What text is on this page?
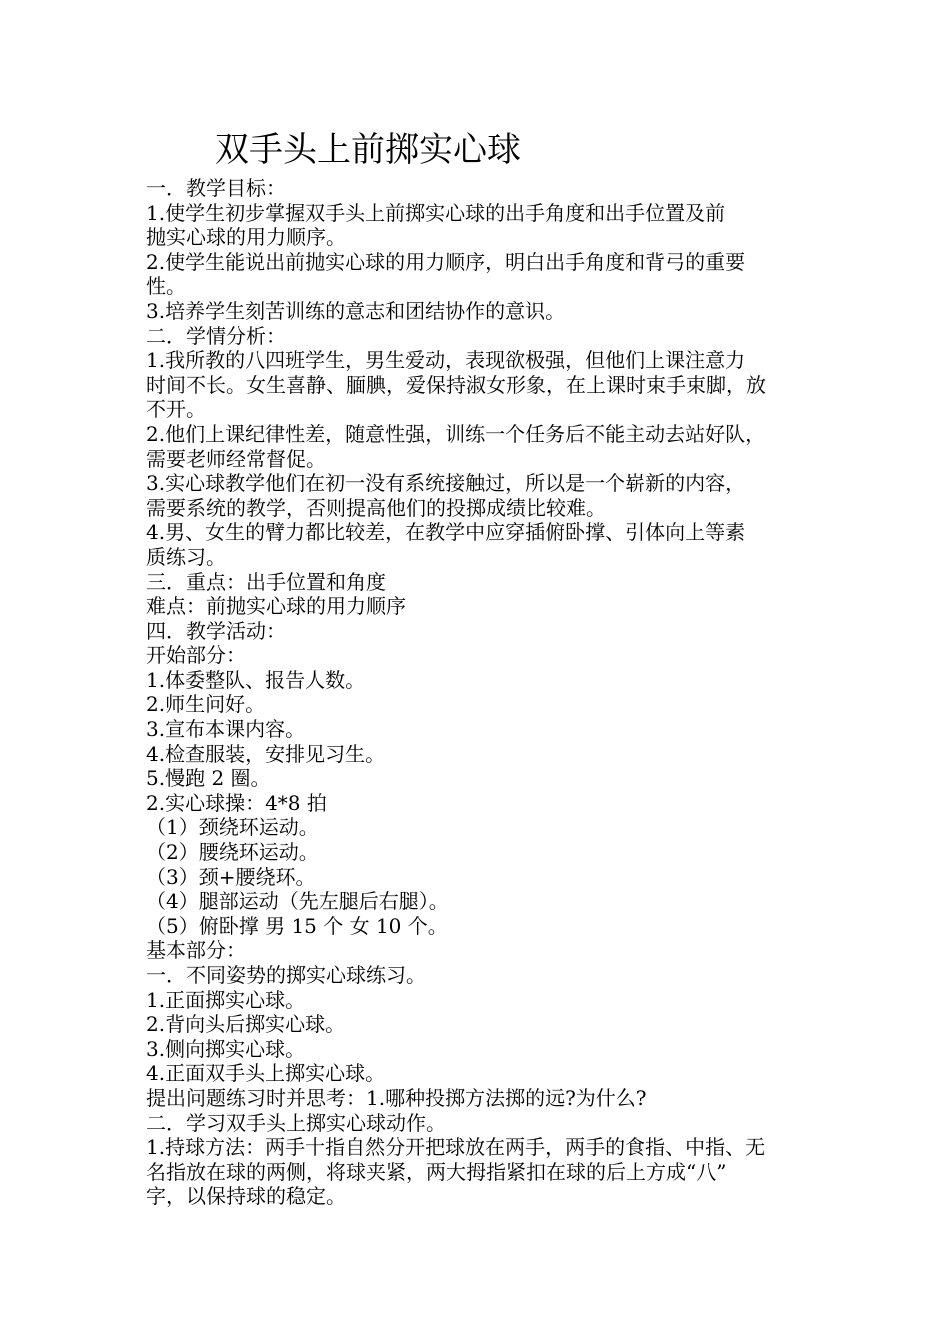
双手头上前掷实心球
一．教学目标：
1.使学生初步掌握双手头上前掷实心球的出手角度和出手位置及前
抛实心球的用力顺序。
2.使学生能说出前抛实心球的用力顺序，明白出手角度和背弓的重要
性。
3.培养学生刻苦训练的意志和团结协作的意识。
二．学情分析：
1.我所教的八四班学生，男生爱动，表现欲极强，但他们上课注意力
时间不长。女生喜静、腼腆，爱保持淑女形象，在上课时束手束脚，放
不开。
2.他们上课纪律性差，随意性强，训练一个任务后不能主动去站好队，
需要老师经常督促。
3.实心球教学他们在初一没有系统接触过，所以是一个崭新的内容，
需要系统的教学，否则提高他们的投掷成绩比较难。
4.男、女生的臂力都比较差，在教学中应穿插俯卧撑、引体向上等素
质练习。
三．重点：出手位置和角度
难点：前抛实心球的用力顺序
四．教学活动：
开始部分：
1.体委整队、报告人数。
2.师生问好。
3.宣布本课内容。
4.检查服装，安排见习生。
5.慢跑 2 圈。
2.实心球操：4*8 拍
（1）颈绕环运动。
（2）腰绕环运动。
（3）颈+腰绕环。
（4）腿部运动（先左腿后右腿）。
（5）俯卧撑 男 15 个 女 10 个。
基本部分：
一．不同姿势的掷实心球练习。
1.正面掷实心球。
2.背向头后掷实心球。
3.侧向掷实心球。
4.正面双手头上掷实心球。
提出问题练习时并思考：1.哪种投掷方法掷的远?为什么?
二．学习双手头上掷实心球动作。
1.持球方法：两手十指自然分开把球放在两手，两手的食指、中指、无
名指放在球的两侧，将球夹紧，两大拇指紧扣在球的后上方成“八”
字，以保持球的稳定。
